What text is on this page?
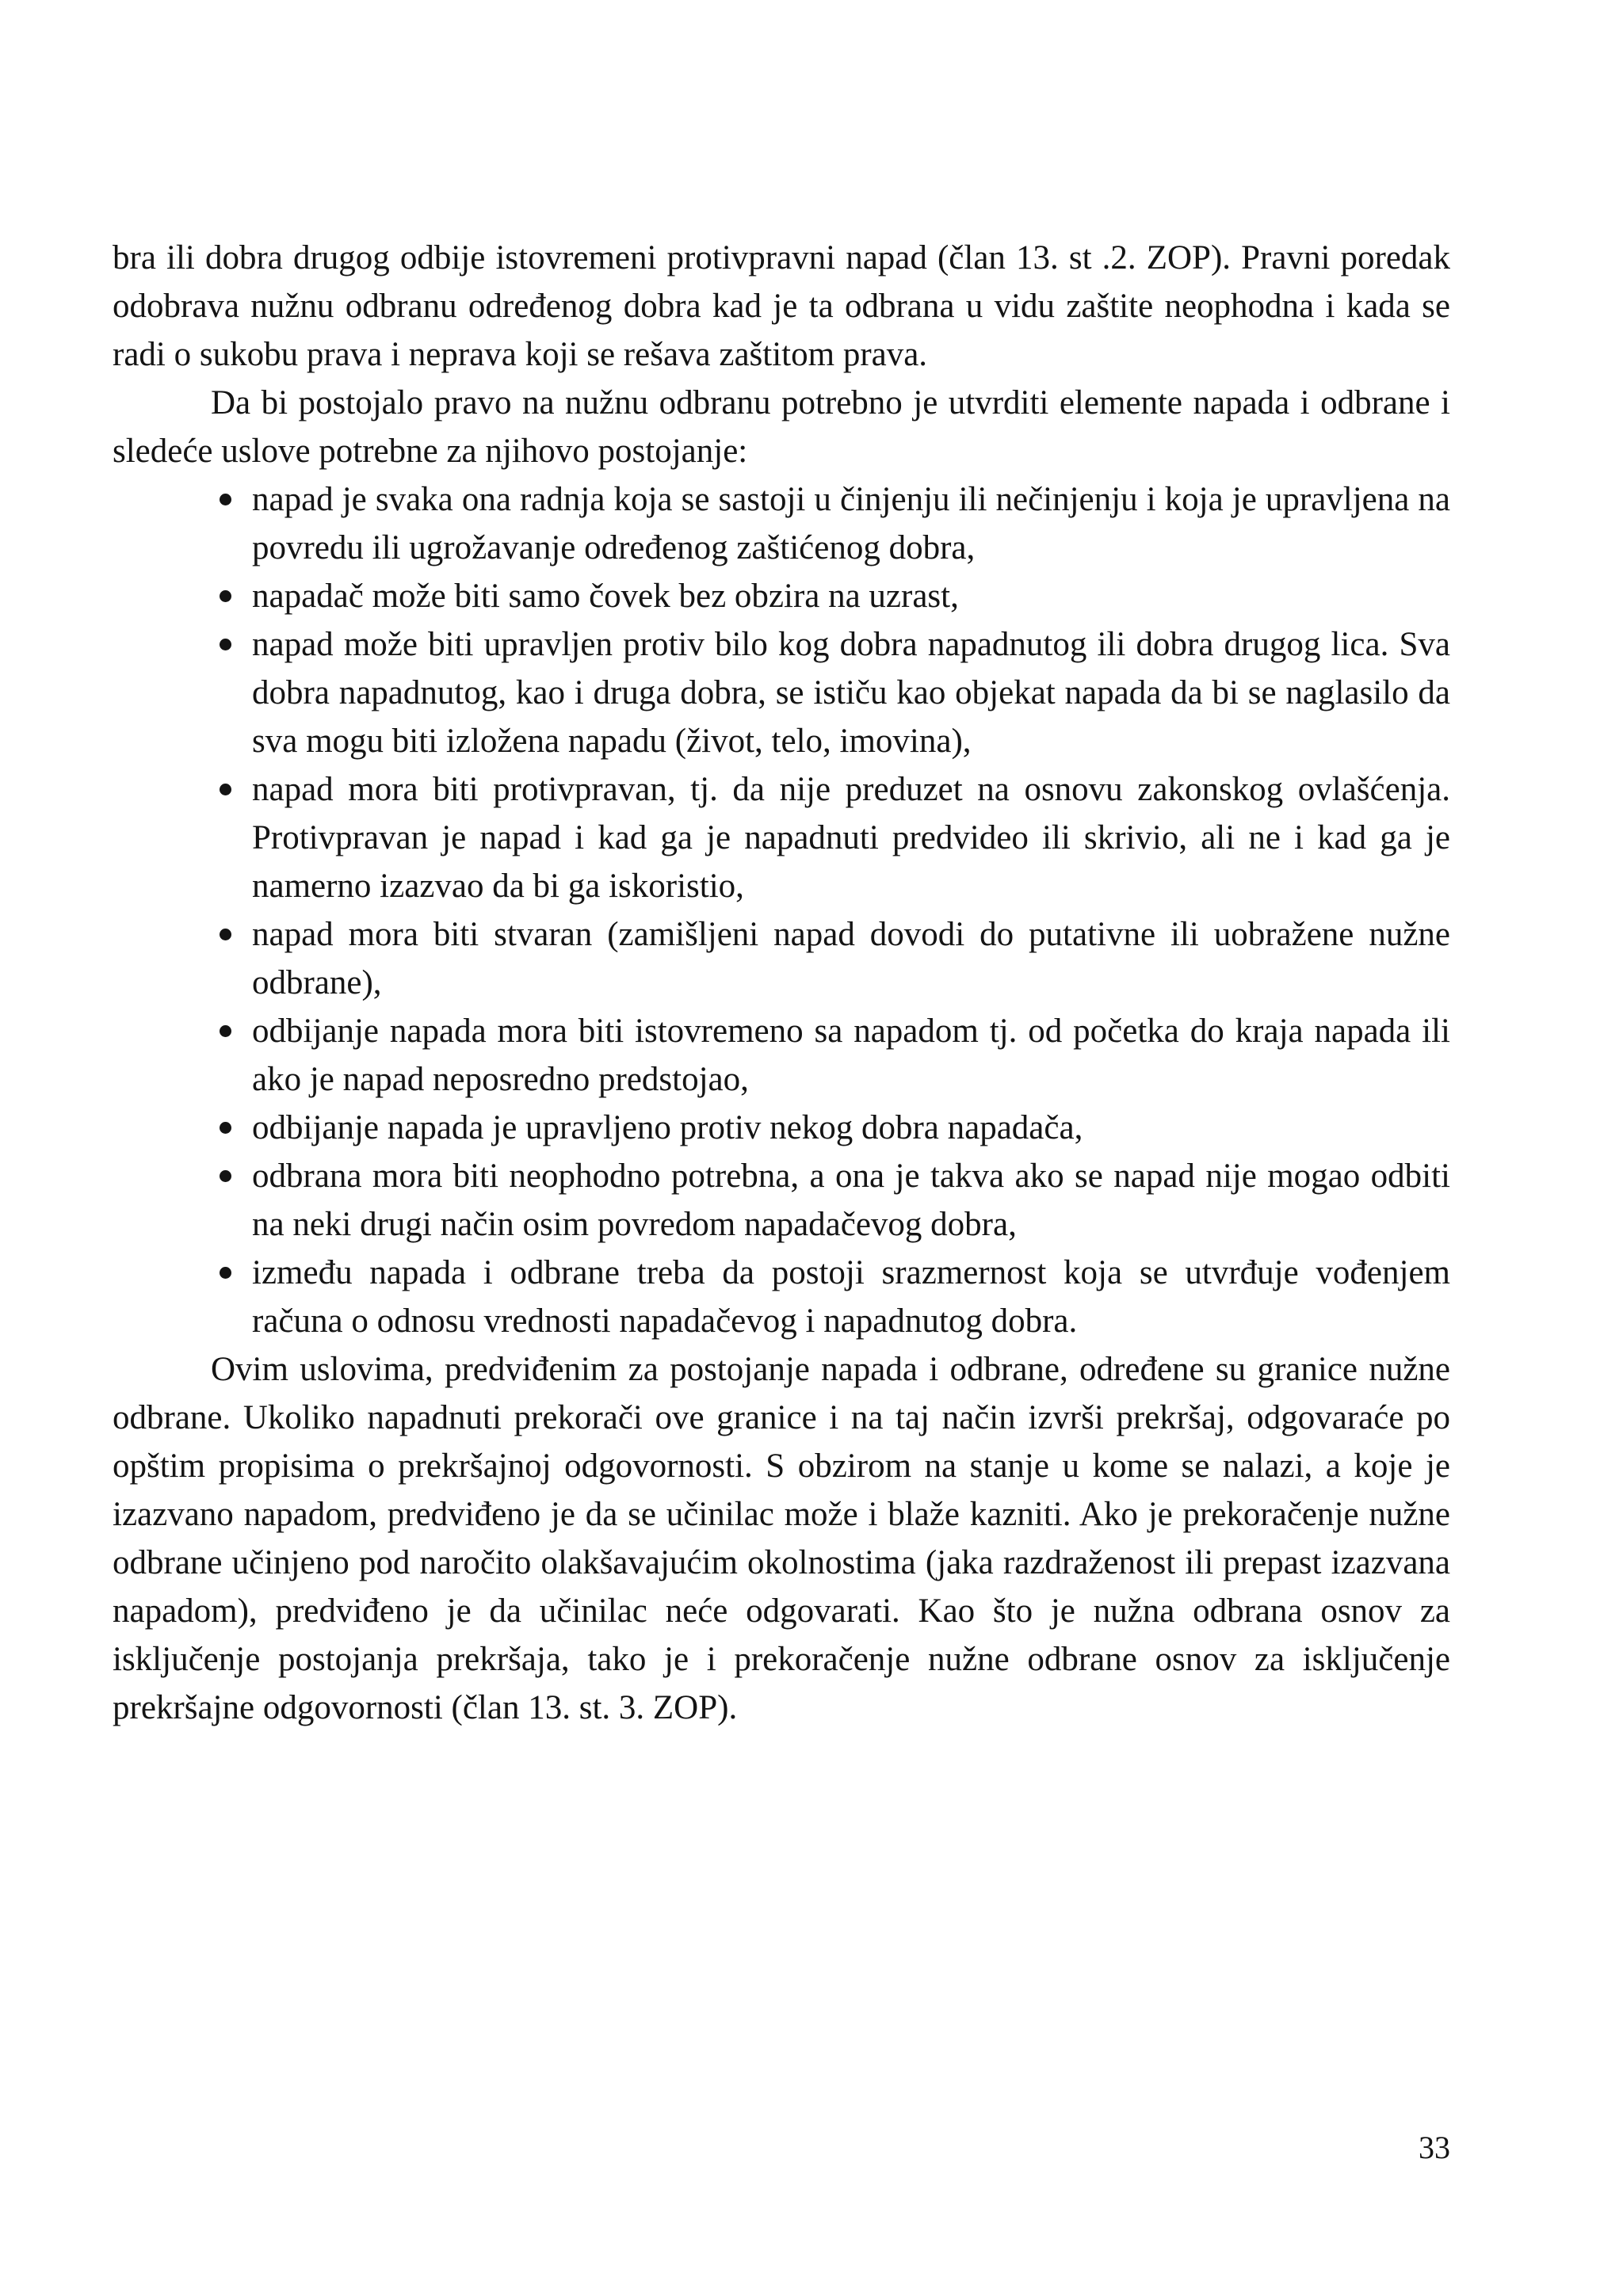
bra ili dobra drugog odbije istovremeni protivpravni napad (član 13. st .2. ZOP). Pravni poredak odobrava nužnu odbranu određenog dobra kad je ta odbrana u vidu zaštite neophodna i kada se radi o sukobu prava i neprava koji se rešava zaštitom prava.

Da bi postojalo pravo na nužnu odbranu potrebno je utvrditi elemente napada i odbrane i sledeće uslove potrebne za njihovo postojanje:

napad je svaka ona radnja koja se sastoji u činjenju ili nečinjenju i koja je upravljena na povredu ili ugrožavanje određenog zaštićenog dobra,
napadač može biti samo čovek bez obzira na uzrast,
napad može biti upravljen protiv bilo kog dobra napadnutog ili dobra drugog lica. Sva dobra napadnutog, kao i druga dobra, se ističu kao objekat napada da bi se naglasilo da sva mogu biti izložena napadu (život, telo, imovina),
napad mora biti protivpravan, tj. da nije preduzet na osnovu zakonskog ovlašćenja. Protivpravan je napad i kad ga je napadnuti predvideo ili skrivio, ali ne i kad ga je namerno izazvao da bi ga iskoristio,
napad mora biti stvaran (zamišljeni napad dovodi do putativne ili uobražene nužne odbrane),
odbijanje napada mora biti istovremeno sa napadom tj. od početka do kraja napada ili ako je napad neposredno predstojao,
odbijanje napada je upravljeno protiv nekog dobra napadača,
odbrana mora biti neophodno potrebna, a ona je takva ako se napad nije mogao odbiti na neki drugi način osim povredom napadačevog dobra,
između napada i odbrane treba da postoji srazmernost koja se utvrđuje vođenjem računa o odnosu vrednosti napadačevog i napadnutog dobra.

Ovim uslovima, predviđenim za postojanje napada i odbrane, određene su granice nužne odbrane. Ukoliko napadnuti prekorači ove granice i na taj način izvrši prekršaj, odgovaraće po opštim propisima o prekršajnoj odgovornosti. S obzirom na stanje u kome se nalazi, a koje je izazvano napadom, predviđeno je da se učinilac može i blaže kazniti. Ako je prekoračenje nužne odbrane učinjeno pod naročito olakšavajućim okolnostima (jaka razdraženost ili prepast izazvana napadom), predviđeno je da učinilac neće odgovarati. Kao što je nužna odbrana osnov za isključenje postojanja prekršaja, tako je i prekoračenje nužne odbrane osnov za isključenje prekršajne odgovornosti (član 13. st. 3. ZOP).

33
